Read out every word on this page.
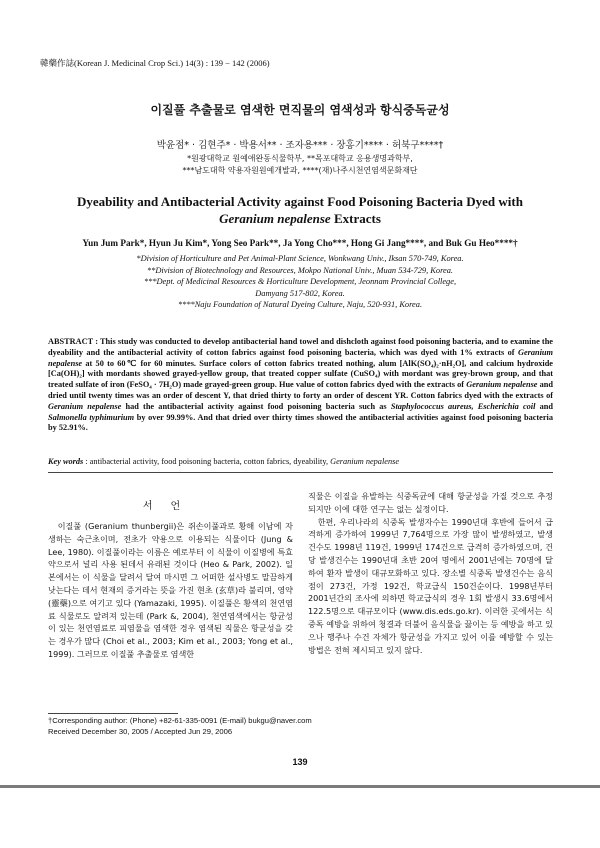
韓藥作誌(Korean J. Medicinal Crop Sci.) 14(3) : 139 − 142 (2006)
이질풀 추출물로 염색한 면직물의 염색성과 항식중독균성
박윤점* · 김현주* · 박용서** · 조자용*** · 장홍기**** · 허북구****†
*원광대학교 원예애완동식물학부, **목포대학교 응용생명과학부,
***남도대학 약용자원원예개발과, ****(재)나주시천연염색문화재단
Dyeability and Antibacterial Activity against Food Poisoning Bacteria Dyed with
Geranium nepalense Extracts
Yun Jum Park*, Hyun Ju Kim*, Yong Seo Park**, Ja Yong Cho***, Hong Gi Jang****, and Buk Gu Heo****†
*Division of Horticulture and Pet Animal-Plant Science, Wonkwang Univ., Iksan 570-749, Korea.
**Division of Biotechnology and Resources, Mokpo National Univ., Muan 534-729, Korea.
***Dept. of Medicinal Resources & Horticulture Development, Jeonnam Provincial College,
Damyang 517-802, Korea.
****Naju Foundation of Natural Dyeing Culture, Naju, 520-931, Korea.
ABSTRACT : This study was conducted to develop antibacterial hand towel and dishcloth against food poisoning bacteria, and to examine the dyeability and the antibacterial activity of cotton fabrics against food poisoning bacteria, which was dyed with 1% extracts of Geranium nepalense at 50 to 60℃ for 60 minutes. Surface colors of cotton fabrics treated nothing, alum [AlK(SO₄)₂·nH₂O], and calcium hydroxide [Ca(OH)₂] with mordants showed grayed-yellow group, that treated copper sulfate (CuSO₄) with mordant was grey-brown group, and that treated sulfate of iron (FeSO₄ · 7H₂O) made grayed-green group. Hue value of cotton fabrics dyed with the extracts of Geranium nepalense and dried until twenty times was an order of descent Y, that dried thirty to forty an order of descent YR. Cotton fabrics dyed with the extracts of Geranium nepalense had the antibacterial activity against food poisoning bacteria such as Staphylococcus aureus, Escherichia coil and Salmonella typhimurium by over 99.99%. And that dried over thirty times showed the antibacterial activities against food poisoning bacteria by 52.91%.
Key words : antibacterial activity, food poisoning bacteria, cotton fabrics, dyeability, Geranium nepalense
서언

이질풀 (Geranium thunbergii)은 쥐손이풀과로 황해 이남에 자생하는 숙근초이며, 전초가 약용으로 이용되는 식물이다 (Jung & Lee, 1980). 이질풀이라는 이름은 예로부터 이 식물이 이질병에 특효약으로서 널리 사용 된데서 유래된 것이다 (Heo & Park, 2002). 일본에서는 이 식물을 달려서 달여 마시면 그 어떠한 설사병도 말끔하게 낫는다는 데서 현재의 증거라는 뜻을 가진 현초 (玄草)라 불리며, 영약 (靈藥)으로 여기고 있다 (Yamazaki, 1995). 이질풀은 황색의 천연염료 식물로도 알려져 있는데 (Park &, 2004), 천연염색에서는 항균성이 있는 천연염료로 피염물을 염색한 경우 염색된 직물은 항균성을 갖는 경우가 많다 (Choi et al., 2003; Kim et al., 2003; Yong et al., 1999). 그러므로 이질풀 추출물로 염색한

직물은 이질을 유발하는 식중독균에 대해 항균성을 가질 것으로 추정되지만 이에 대한 연구는 없는 실정이다.

한편, 우리나라의 식중독 발생자수는 1990년대 후반에 들어서 급격하게 증가하여 1999년 7,764명으로 가장 많이 발생하였고, 발생 건수도 1998년 119건, 1999년 174건으로 급격히 증가하였으며, 건당 발생건수는 1990년대 초반 20여 명에서 2001년에는 70명에 달하여 환자 발생이 대규모화하고 있다. 장소별 식중독 발생건수는 음식점이 273건, 가정 192건, 학교급식 150건순이다. 1998년부터 2001년간의 조사에 의하면 학교급식의 경우 1회 발생시 33.6명에서 122.5명으로 대규모이다 (www.dis.eds.go.kr). 이러한 곳에서는 식중독 예방을 위하여 청결과 더불어 음식물을 끓이는 등 예방을 하고 있으나 행주나 수건 자체가 항균성을 가지고 있어 이를 예방할 수 있는 방법은 전혀 제시되고 있지 않다.

†Corresponding author: (Phone) +82-61-335-0091 (E-mail) bukgu@naver.com
Received December 30, 2005 / Accepted Jun 29, 2006
139
